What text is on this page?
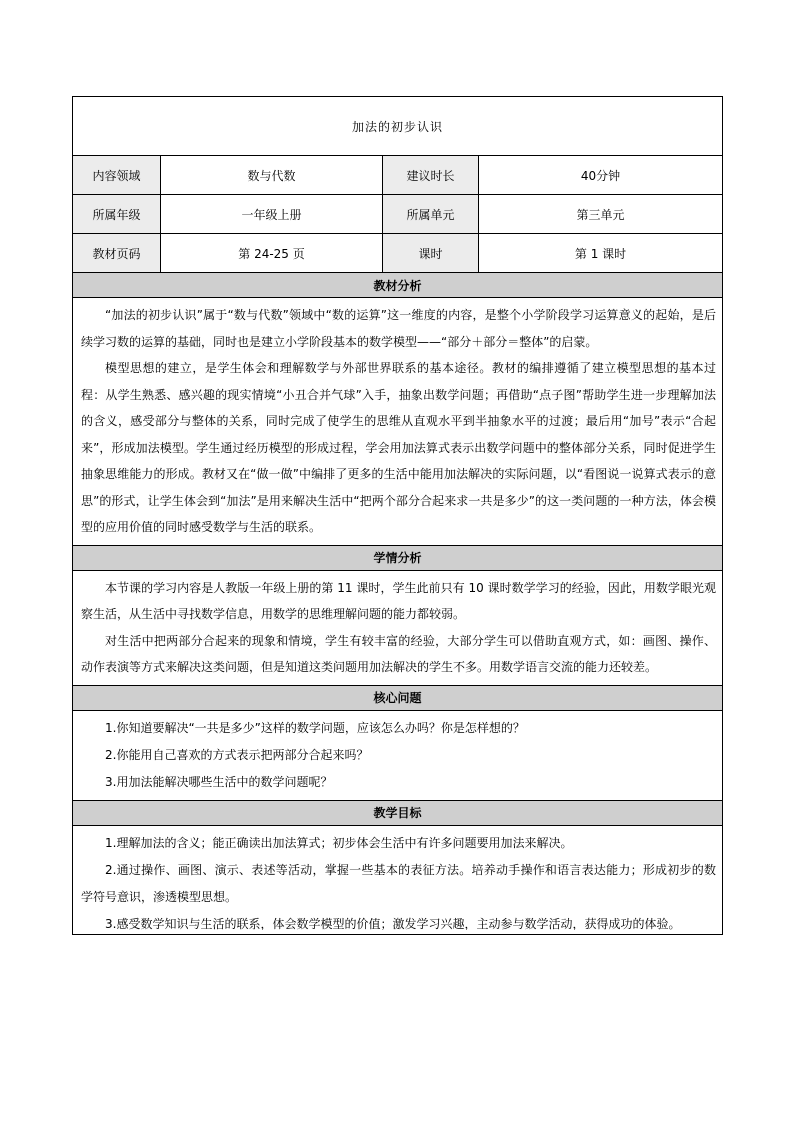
加法的初步认识			
内容领域	数与代数	建议时长	40分钟
所属年级	一年级上册	所属单元	第三单元
教材页码	第 24-25 页	课时	第 1 课时
教材分析			

“加法的初步认识”属于“数与代数”领域中“数的运算”这一维度的内容，是整个小学阶段学习运算意义的起始，是后续学习数的运算的基础，同时也是建立小学阶段基本的数学模型——“部分＋部分＝整体”的启蒙。

模型思想的建立，是学生体会和理解数学与外部世界联系的基本途径。教材的编排遵循了建立模型思想的基本过程：从学生熟悉、感兴趣的现实情境“小丑合并气球”入手，抽象出数学问题；再借助“点子图”帮助学生进一步理解加法的含义，感受部分与整体的关系，同时完成了使学生的思维从直观水平到半抽象水平的过渡；最后用“加号”表示“合起来”，形成加法模型。学生通过经历模型的形成过程，学会用加法算式表示出数学问题中的整体部分关系，同时促进学生抽象思维能力的形成。教材又在“做一做”中编排了更多的生活中能用加法解决的实际问题，以“看图说一说算式表示的意思”的形式，让学生体会到“加法”是用来解决生活中“把两个部分合起来求一共是多少”的这一类问题的一种方法，体会模型的应用价值的同时感受数学与生活的联系。			

学情分析			

本节课的学习内容是人教版一年级上册的第 11 课时，学生此前只有 10 课时数学学习的经验，因此，用数学眼光观察生活，从生活中寻找数学信息，用数学的思维理解问题的能力都较弱。

对生活中把两部分合起来的现象和情境，学生有较丰富的经验，大部分学生可以借助直观方式，如：画图、操作、动作表演等方式来解决这类问题，但是知道这类问题用加法解决的学生不多。用数学语言交流的能力还较差。			

核心问题			

1.你知道要解决“一共是多少”这样的数学问题，应该怎么办吗？你是怎样想的？

2.你能用自己喜欢的方式表示把两部分合起来吗？

3.用加法能解决哪些生活中的数学问题呢？			

教学目标			

1.理解加法的含义；能正确读出加法算式；初步体会生活中有许多问题要用加法来解决。

2.通过操作、画图、演示、表述等活动，掌握一些基本的表征方法。培养动手操作和语言表达能力；形成初步的数学符号意识，渗透模型思想。

3.感受数学知识与生活的联系，体会数学模型的价值；激发学习兴趣，主动参与数学活动，获得成功的体验。			
